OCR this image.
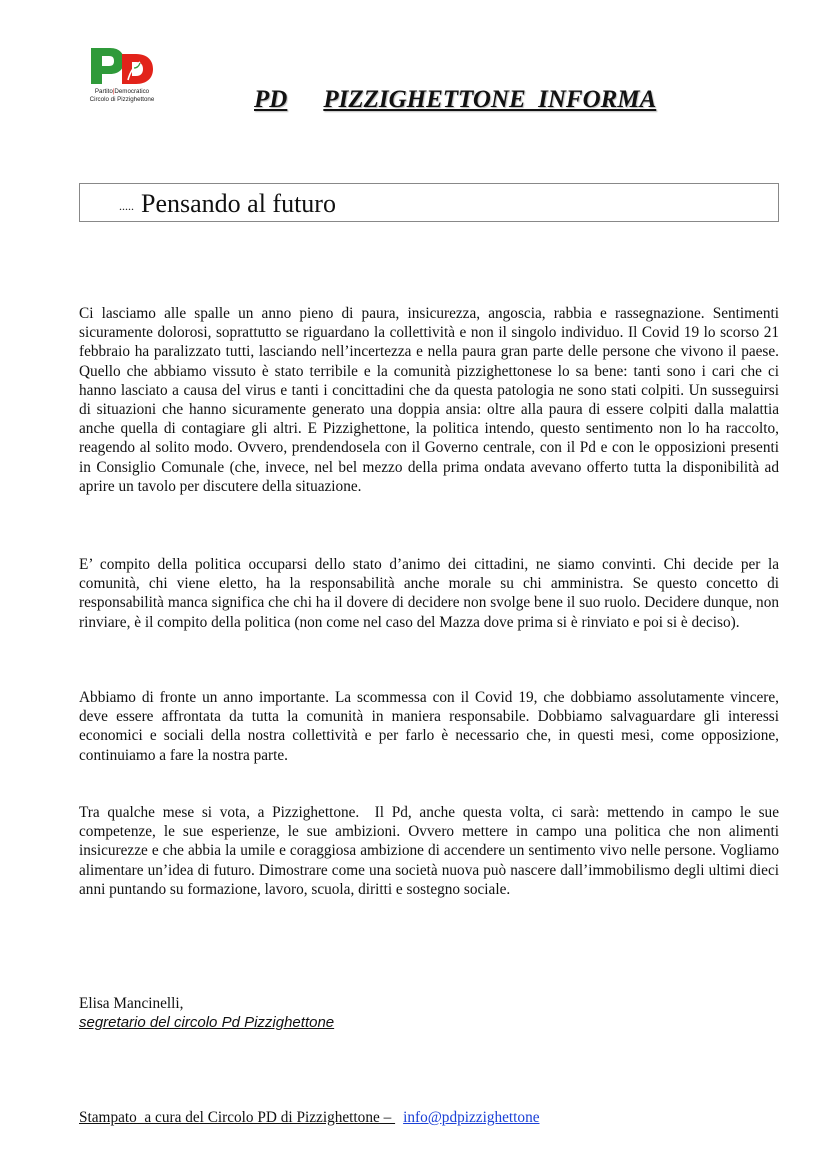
Partito|Democratico
Circolo di Pizzighettone	PD PIZZIGHETTONE  INFORMA
..... Pensando al futuro

Ci lasciamo alle spalle un anno pieno di paura, insicurezza, angoscia, rabbia e rassegnazione. Sentimenti sicuramente dolorosi, soprattutto se riguardano la collettività e non il singolo individuo. Il Covid 19 lo scorso 21 febbraio ha paralizzato tutti, lasciando nell’incertezza e nella paura gran parte delle persone che vivono il paese. Quello che abbiamo vissuto è stato terribile e la comunità pizzighettonese lo sa bene: tanti sono i cari che ci hanno lasciato a causa del virus e tanti i concittadini che da questa patologia ne sono stati colpiti. Un susseguirsi di situazioni che hanno sicuramente generato una doppia ansia: oltre alla paura di essere colpiti dalla malattia anche quella di contagiare gli altri. E Pizzighettone, la politica intendo, questo sentimento non lo ha raccolto, reagendo al solito modo. Ovvero, prendendosela con il Governo centrale, con il Pd e con le opposizioni presenti in Consiglio Comunale (che, invece, nel bel mezzo della prima ondata avevano offerto tutta la disponibilità ad aprire un tavolo per discutere della situazione.

E’ compito della politica occuparsi dello stato d’animo dei cittadini, ne siamo convinti. Chi decide per la comunità, chi viene eletto, ha la responsabilità anche morale su chi amministra. Se questo concetto di responsabilità manca significa che chi ha il dovere di decidere non svolge bene il suo ruolo. Decidere dunque, non rinviare, è il compito della politica (non come nel caso del Mazza dove prima si è rinviato e poi si è deciso).

Abbiamo di fronte un anno importante. La scommessa con il Covid 19, che dobbiamo assolutamente vincere, deve essere affrontata da tutta la comunità in maniera responsabile. Dobbiamo salvaguardare gli interessi economici e sociali della nostra collettività e per farlo è necessario che, in questi mesi, come opposizione, continuiamo a fare la nostra parte.

Tra qualche mese si vota, a Pizzighettone.  Il Pd, anche questa volta, ci sarà: mettendo in campo le sue competenze, le sue esperienze, le sue ambizioni. Ovvero mettere in campo una politica che non alimenti insicurezze e che abbia la umile e coraggiosa ambizione di accendere un sentimento vivo nelle persone. Vogliamo alimentare un’idea di futuro. Dimostrare come una società nuova può nascere dall’immobilismo degli ultimi dieci anni puntando su formazione, lavoro, scuola, diritti e sostegno sociale.

Elisa Mancinelli,
segretario del circolo Pd Pizzighettone
Stampato  a cura del Circolo PD di Pizzighettone – info@pdpizzighettone
